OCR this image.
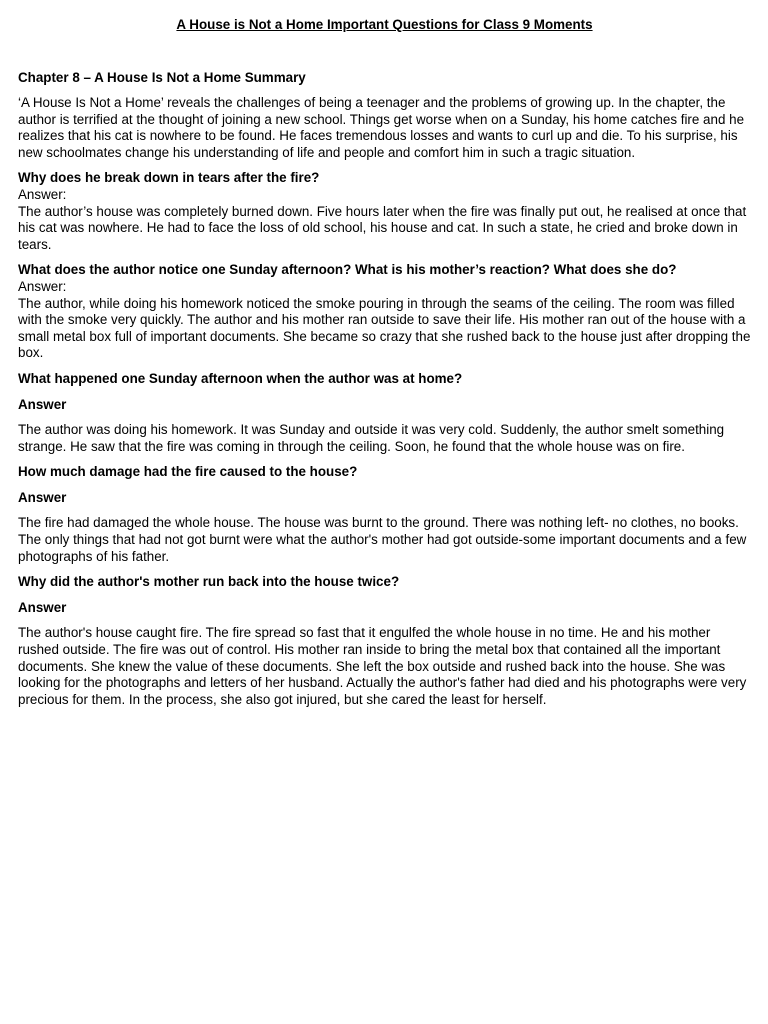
A House is Not a Home Important Questions for Class 9 Moments
Chapter 8 – A House Is Not a Home Summary

‘A House Is Not a Home’ reveals the challenges of being a teenager and the problems of growing up. In the chapter, the author is terrified at the thought of joining a new school. Things get worse when on a Sunday, his home catches fire and he realizes that his cat is nowhere to be found. He faces tremendous losses and wants to curl up and die. To his surprise, his new schoolmates change his understanding of life and people and comfort him in such a tragic situation.

Why does he break down in tears after the fire?

Answer:

The author’s house was completely burned down. Five hours later when the fire was finally put out, he realised at once that his cat was nowhere. He had to face the loss of old school, his house and cat. In such a state, he cried and broke down in tears.

What does the author notice one Sunday afternoon? What is his mother’s reaction? What does she do?

Answer:

The author, while doing his homework noticed the smoke pouring in through the seams of the ceiling. The room was filled with the smoke very quickly. The author and his mother ran outside to save their life. His mother ran out of the house with a small metal box full of important documents. She became so crazy that she rushed back to the house just after dropping the box.

What happened one Sunday afternoon when the author was at home?

Answer

The author was doing his homework. It was Sunday and outside it was very cold. Suddenly, the author smelt something strange. He saw that the fire was coming in through the ceiling. Soon, he found that the whole house was on fire.

How much damage had the fire caused to the house?

Answer

The fire had damaged the whole house. The house was burnt to the ground. There was nothing left- no clothes, no books. The only things that had not got burnt were what the author's mother had got outside-some important documents and a few photographs of his father.

Why did the author's mother run back into the house twice?

Answer

The author's house caught fire. The fire spread so fast that it engulfed the whole house in no time. He and his mother rushed outside. The fire was out of control. His mother ran inside to bring the metal box that contained all the important documents. She knew the value of these documents. She left the box outside and rushed back into the house. She was looking for the photographs and letters of her husband. Actually the author's father had died and his photographs were very precious for them. In the process, she also got injured, but she cared the least for herself.
